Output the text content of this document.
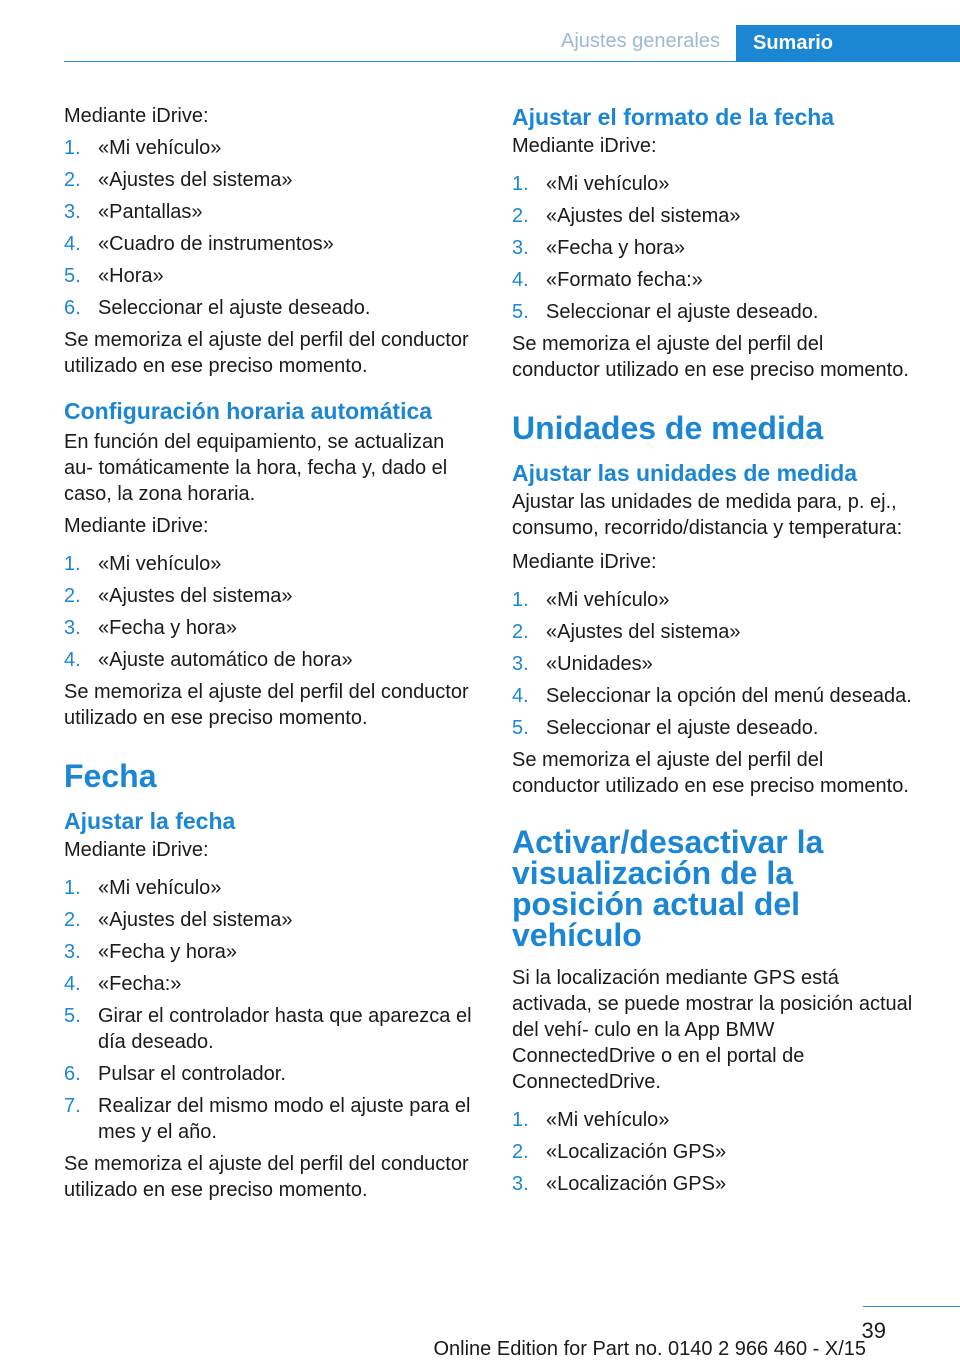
Ajustes generales	Sumario

Mediante iDrive:

1. «Mi vehículo»
2. «Ajustes del sistema»
3. «Pantallas»
4. «Cuadro de instrumentos»
5. «Hora»
6. Seleccionar el ajuste deseado.

Se memoriza el ajuste del perfil del conductor utilizado en ese preciso momento.

Configuración horaria automática

En función del equipamiento, se actualizan au‐ tomáticamente la hora, fecha y, dado el caso, la zona horaria.

Mediante iDrive:

1. «Mi vehículo»
2. «Ajustes del sistema»
3. «Fecha y hora»
4. «Ajuste automático de hora»

Se memoriza el ajuste del perfil del conductor utilizado en ese preciso momento.

Fecha
Ajustar la fecha

Mediante iDrive:

1. «Mi vehículo»
2. «Ajustes del sistema»
3. «Fecha y hora»
4. «Fecha:»
5. Girar el controlador hasta que aparezca el día deseado.
6. Pulsar el controlador.
7. Realizar del mismo modo el ajuste para el mes y el año.

Se memoriza el ajuste del perfil del conductor utilizado en ese preciso momento.

Ajustar el formato de la fecha

Mediante iDrive:

1. «Mi vehículo»
2. «Ajustes del sistema»
3. «Fecha y hora»
4. «Formato fecha:»
5. Seleccionar el ajuste deseado.

Se memoriza el ajuste del perfil del conductor utilizado en ese preciso momento.

Unidades de medida
Ajustar las unidades de medida

Ajustar las unidades de medida para, p. ej., consumo, recorrido/distancia y temperatura:

Mediante iDrive:

1. «Mi vehículo»
2. «Ajustes del sistema»
3. «Unidades»
4. Seleccionar la opción del menú deseada.
5. Seleccionar el ajuste deseado.

Se memoriza el ajuste del perfil del conductor utilizado en ese preciso momento.

Activar/desactivar la visualización de la posición actual del vehículo

Si la localización mediante GPS está activada, se puede mostrar la posición actual del vehí‐ culo en la App BMW ConnectedDrive o en el portal de ConnectedDrive.

1. «Mi vehículo»
2. «Localización GPS»
3. «Localización GPS»
39
Online Edition for Part no. 0140 2 966 460 - X/15
